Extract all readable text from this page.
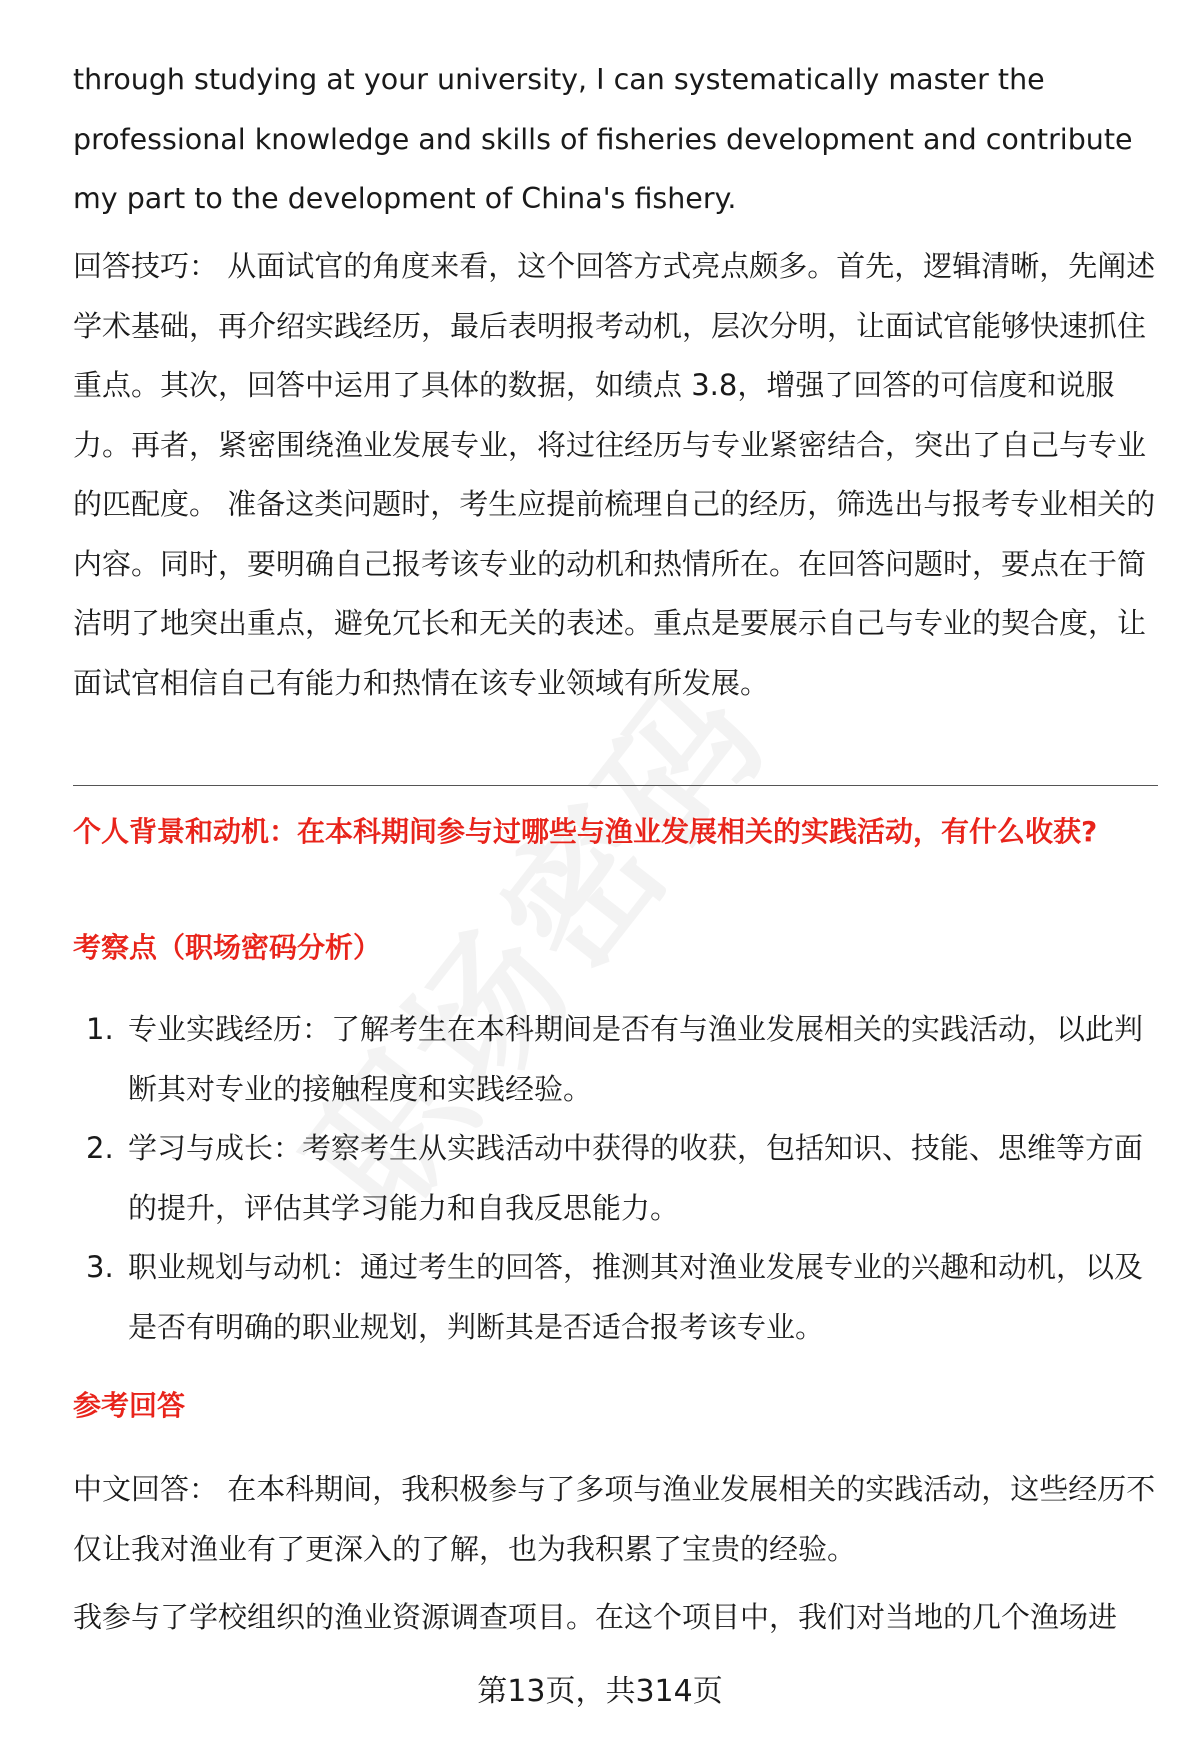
through studying at your university, I can systematically master the professional knowledge and skills of fisheries development and contribute my part to the development of China's fishery.

回答技巧： 从面试官的角度来看，这个回答方式亮点颇多。首先，逻辑清晰，先阐述学术基础，再介绍实践经历，最后表明报考动机，层次分明，让面试官能够快速抓住重点。其次，回答中运用了具体的数据，如绩点 3.8，增强了回答的可信度和说服力。再者，紧密围绕渔业发展专业，将过往经历与专业紧密结合，突出了自己与专业的匹配度。 准备这类问题时，考生应提前梳理自己的经历，筛选出与报考专业相关的内容。同时，要明确自己报考该专业的动机和热情所在。在回答问题时，要点在于简洁明了地突出重点，避免冗长和无关的表述。重点是要展示自己与专业的契合度，让面试官相信自己有能力和热情在该专业领域有所发展。

个人背景和动机：在本科期间参与过哪些与渔业发展相关的实践活动，有什么收获?

考察点（职场密码分析）

1. 专业实践经历：了解考生在本科期间是否有与渔业发展相关的实践活动，以此判断其对专业的接触程度和实践经验。
2. 学习与成长：考察考生从实践活动中获得的收获，包括知识、技能、思维等方面的提升，评估其学习能力和自我反思能力。
3. 职业规划与动机：通过考生的回答，推测其对渔业发展专业的兴趣和动机，以及是否有明确的职业规划，判断其是否适合报考该专业。

参考回答

中文回答： 在本科期间，我积极参与了多项与渔业发展相关的实践活动，这些经历不仅让我对渔业有了更深入的了解，也为我积累了宝贵的经验。

我参与了学校组织的渔业资源调查项目。在这个项目中，我们对当地的几个渔场进

第13页，共314页
